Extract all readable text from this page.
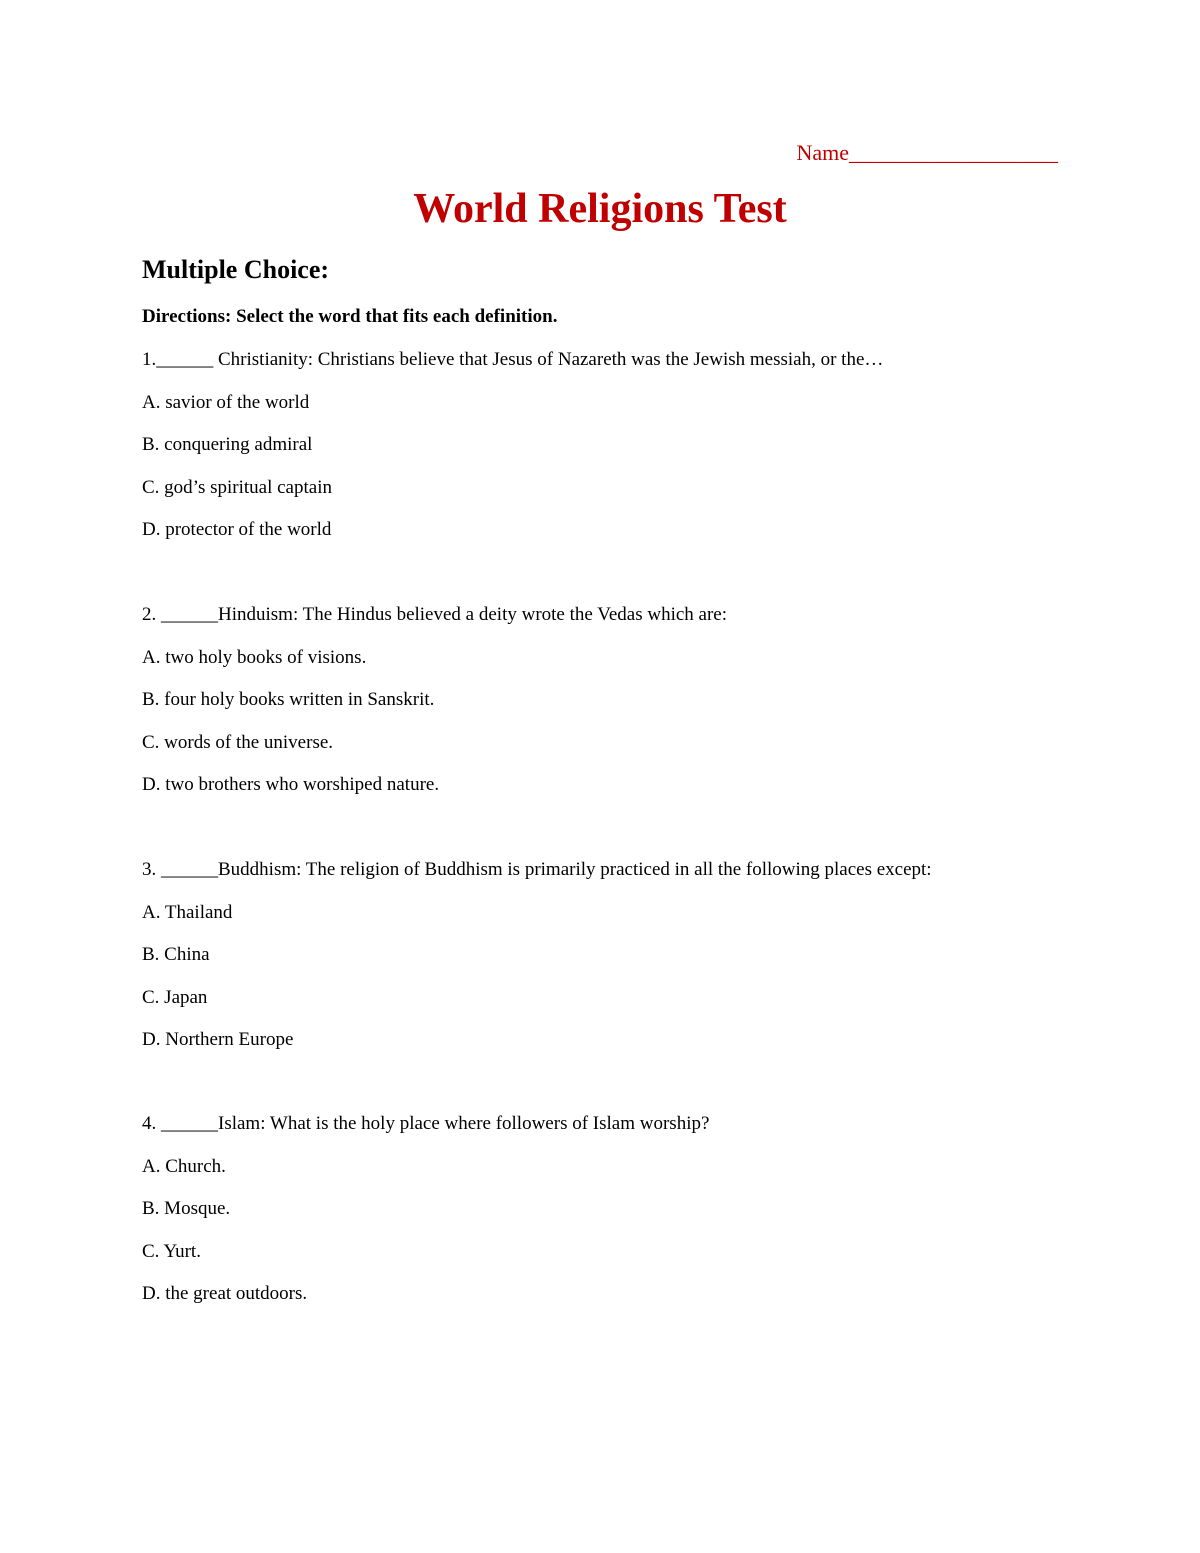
Name___________________
World Religions Test
Multiple Choice:

Directions: Select the word that fits each definition.

1.______ Christianity: Christians believe that Jesus of Nazareth was the Jewish messiah, or the…
A. savior of the world
B. conquering admiral
C. god’s spiritual captain
D. protector of the world
2. ______Hinduism: The Hindus believed a deity wrote the Vedas which are:
A. two holy books of visions.
B. four holy books written in Sanskrit.
C. words of the universe.
D. two brothers who worshiped nature.
3. ______Buddhism: The religion of Buddhism is primarily practiced in all the following places except:
A. Thailand
B. China
C. Japan
D. Northern Europe
4. ______Islam: What is the holy place where followers of Islam worship?
A. Church.
B. Mosque.
C. Yurt.
D. the great outdoors.
